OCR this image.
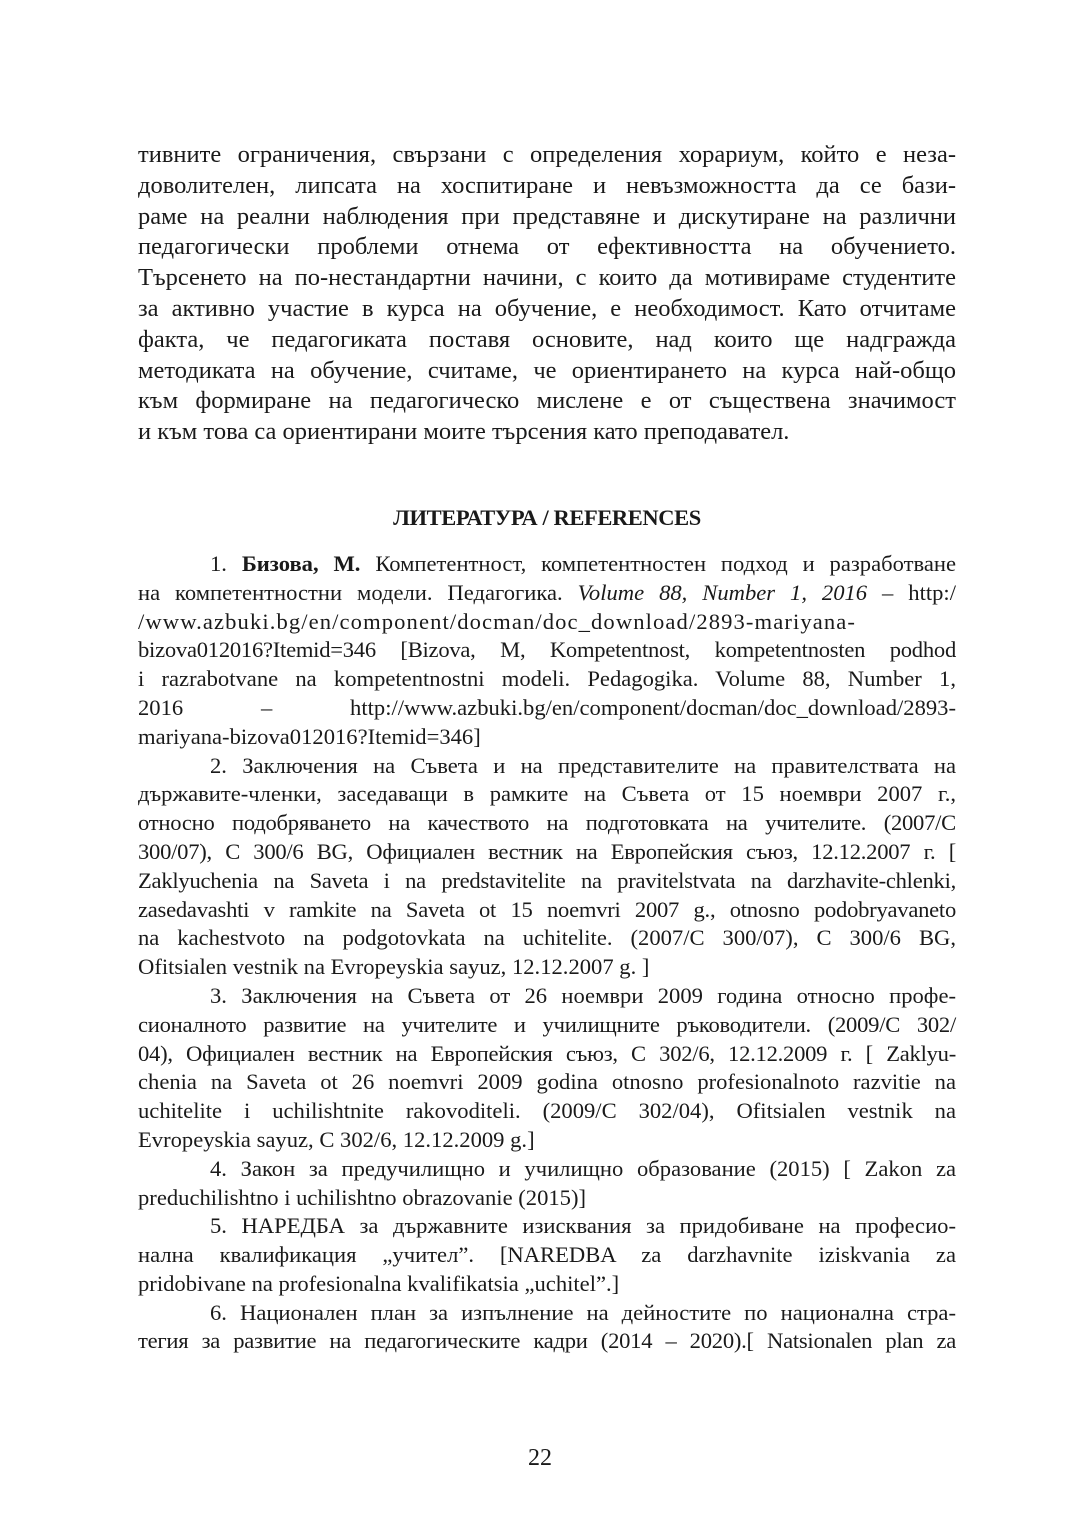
тивните ограничения, свързани с определения хорариум, който е неза-
доволителен, липсата на хоспитиране и невъзможността да се бази-
раме на реални наблюдения при представяне и дискутиране на различни
педагогически проблеми отнема от ефективността на обучението.
Търсенето на по-нестандартни начини, с които да мотивираме студентите
за активно участие в курса на обучение, е необходимост. Като отчитаме
факта, че педагогиката поставя основите, над които ще надгражда
методиката на обучение, считаме, че ориентирането на курса най-общо
към формиране на педагогическо мислене е от съществена значимост
и към това са ориентирани моите търсения като преподавател.

ЛИТЕРАТУРА / REFERENCES
1. Бизова, М. Компетентност, компетентностен подход и разработване
на компетентностни модели. Педагогика. Volume 88, Number 1, 2016 – http:/
/www.azbuki.bg/en/component/docman/doc_download/2893-mariyana-
bizova012016?Itemid=346 [Bizova, M, Kompetentnost, kompetentnosten podhod
i razrabotvane na kompetentnostni modeli. Pedagogika. Volume 88, Number 1,
2016 – http://www.azbuki.bg/en/component/docman/doc_download/2893-
mariyana-bizova012016?Itemid=346]
2. Заключения на Съвета и на представителите на правителствата на
държавите-членки, заседаващи в рамките на Съвета от 15 ноември 2007 г.,
относно подобряването на качеството на подготовката на учителите. (2007/C
300/07), C 300/6 BG, Официален вестник на Европейския съюз, 12.12.2007 г. [
Zaklyuchenia na Saveta i na predstavitelite na pravitelstvata na darzhavite-chlenki,
zasedavashti v ramkite na Saveta ot 15 noemvri 2007 g., otnosno podobryavaneto
na kachestvoto na podgotovkata na uchitelite. (2007/C 300/07), C 300/6 BG,
Ofitsialen vestnik na Evropeyskia sayuz, 12.12.2007 g. ]
3. Заключения на Съвета от 26 ноември 2009 година относно профе-
сионалното развитие на учителите и училищните ръководители. (2009/C 302/
04), Официален вестник на Европейския съюз, C 302/6, 12.12.2009 г. [ Zaklyu-
chenia na Saveta ot 26 noemvri 2009 godina otnosno profesionalnoto razvitie na
uchitelite i uchilishtnite rakovoditeli. (2009/C 302/04), Ofitsialen vestnik na
Evropeyskia sayuz, C 302/6, 12.12.2009 g.]
4. Закон за предучилищно и училищно образование (2015) [ Zakon za
preduchilishtno i uchilishtno obrazovanie (2015)]
5. НАРЕДБА за държавните изисквания за придобиване на професио-
нална квалификация „учител”. [NAREDBA za darzhavnite iziskvania za
pridobivane na profesionalna kvalifikatsia „uchitel”.]
6. Национален план за изпълнение на дейностите по национална стра-
тегия за развитие на педагогическите кадри (2014 – 2020).[ Natsionalen plan za
22
